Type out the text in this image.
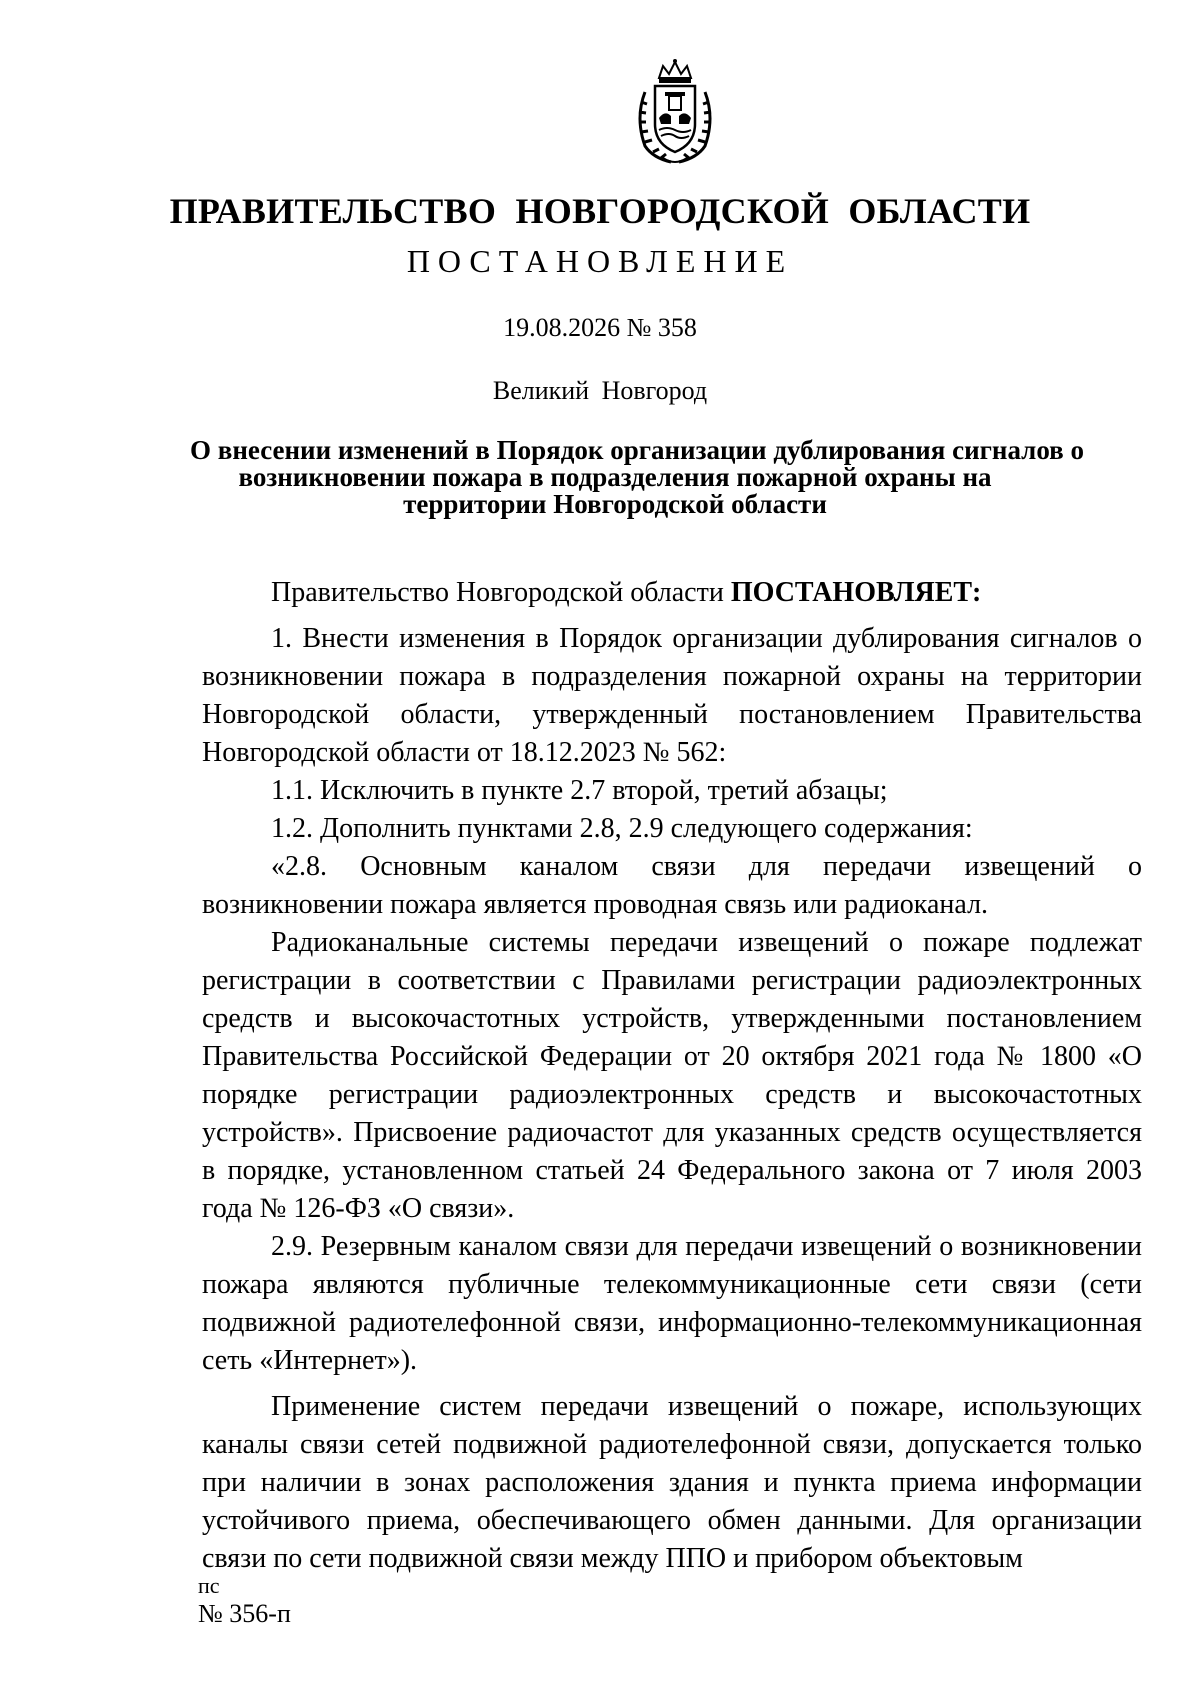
ПРАВИТЕЛЬСТВО НОВГОРОДСКОЙ ОБЛАСТИ
ПОСТАНОВЛЕНИЕ
19.08.2026 № 358
Великий Новгород
О внесении изменений в Порядок организации дублирования сигналов о
возникновении пожара в подразделения пожарной охраны на
территории Новгородской области

Правительство Новгородской области ПОСТАНОВЛЯЕТ:

1. Внести изменения в Порядок организации дублирования сигналов о возникновении пожара в подразделения пожарной охраны на территории Новгородской области, утвержденный постановлением Правительства Новгородской области от 18.12.2023 № 562:

1.1. Исключить в пункте 2.7 второй, третий абзацы;

1.2. Дополнить пунктами 2.8, 2.9 следующего содержания:

«2.8. Основным каналом связи для передачи извещений о возникновении пожара является проводная связь или радиоканал.

Радиоканальные системы передачи извещений о пожаре подлежат регистрации в соответствии с Правилами регистрации радиоэлектронных средств и высокочастотных устройств, утвержденными постановлением Правительства Российской Федерации от 20 октября 2021 года № 1800 «О порядке регистрации радиоэлектронных средств и высокочастотных устройств». Присвоение радиочастот для указанных средств осуществляется в порядке, установленном статьей 24 Федерального закона от 7 июля 2003 года № 126-ФЗ «О связи».

2.9. Резервным каналом связи для передачи извещений о возникновении пожара являются публичные телекоммуникационные сети связи (сети подвижной радиотелефонной связи, информационно-телекоммуникационная сеть «Интернет»).

Применение систем передачи извещений о пожаре, использующих каналы связи сетей подвижной радиотелефонной связи, допускается только при наличии в зонах расположения здания и пункта приема информации устойчивого приема, обеспечивающего обмен данными. Для организации связи по сети подвижной связи между ППО и прибором объектовым

пс
№ 356-п
